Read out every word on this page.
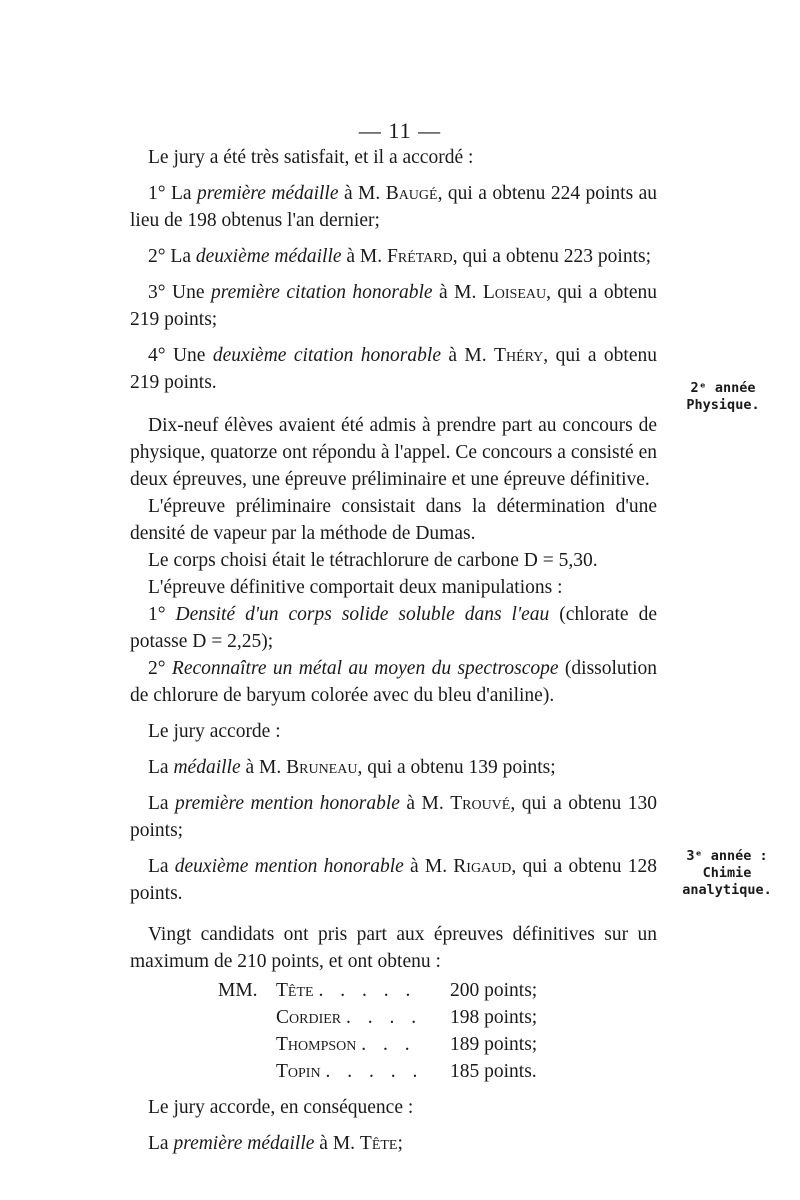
— 11 —
2ᵉ année
Physique.
3ᵉ année :
Chimie
analytique.

Le jury a été très satisfait, et il a accordé :

1° La première médaille à M. Baugé, qui a obtenu 224 points au lieu de 198 obtenus l'an dernier;

2° La deuxième médaille à M. Frétard, qui a obtenu 223 points;

3° Une première citation honorable à M. Loiseau, qui a obtenu 219 points;

4° Une deuxième citation honorable à M. Théry, qui a obtenu 219 points.

Dix-neuf élèves avaient été admis à prendre part au concours de physique, quatorze ont répondu à l'appel. Ce concours a consisté en deux épreuves, une épreuve préliminaire et une épreuve définitive.

L'épreuve préliminaire consistait dans la détermination d'une densité de vapeur par la méthode de Dumas.

Le corps choisi était le tétrachlorure de carbone D = 5,30.

L'épreuve définitive comportait deux manipulations :

1° Densité d'un corps solide soluble dans l'eau (chlorate de potasse D = 2,25);

2° Reconnaître un métal au moyen du spectroscope (dissolution de chlorure de baryum colorée avec du bleu d'aniline).

Le jury accorde :

La médaille à M. Bruneau, qui a obtenu 139 points;

La première mention honorable à M. Trouvé, qui a obtenu 130 points;

La deuxième mention honorable à M. Rigaud, qui a obtenu 128 points.

Vingt candidats ont pris part aux épreuves définitives sur un maximum de 210 points, et ont obtenu :

MM. Tête . . . . .	200 points;
Cordier . . . .	198 points;
Thompson . . .	189 points;
Topin . . . . .	185 points.

Le jury accorde, en conséquence :

La première médaille à M. Tête;
